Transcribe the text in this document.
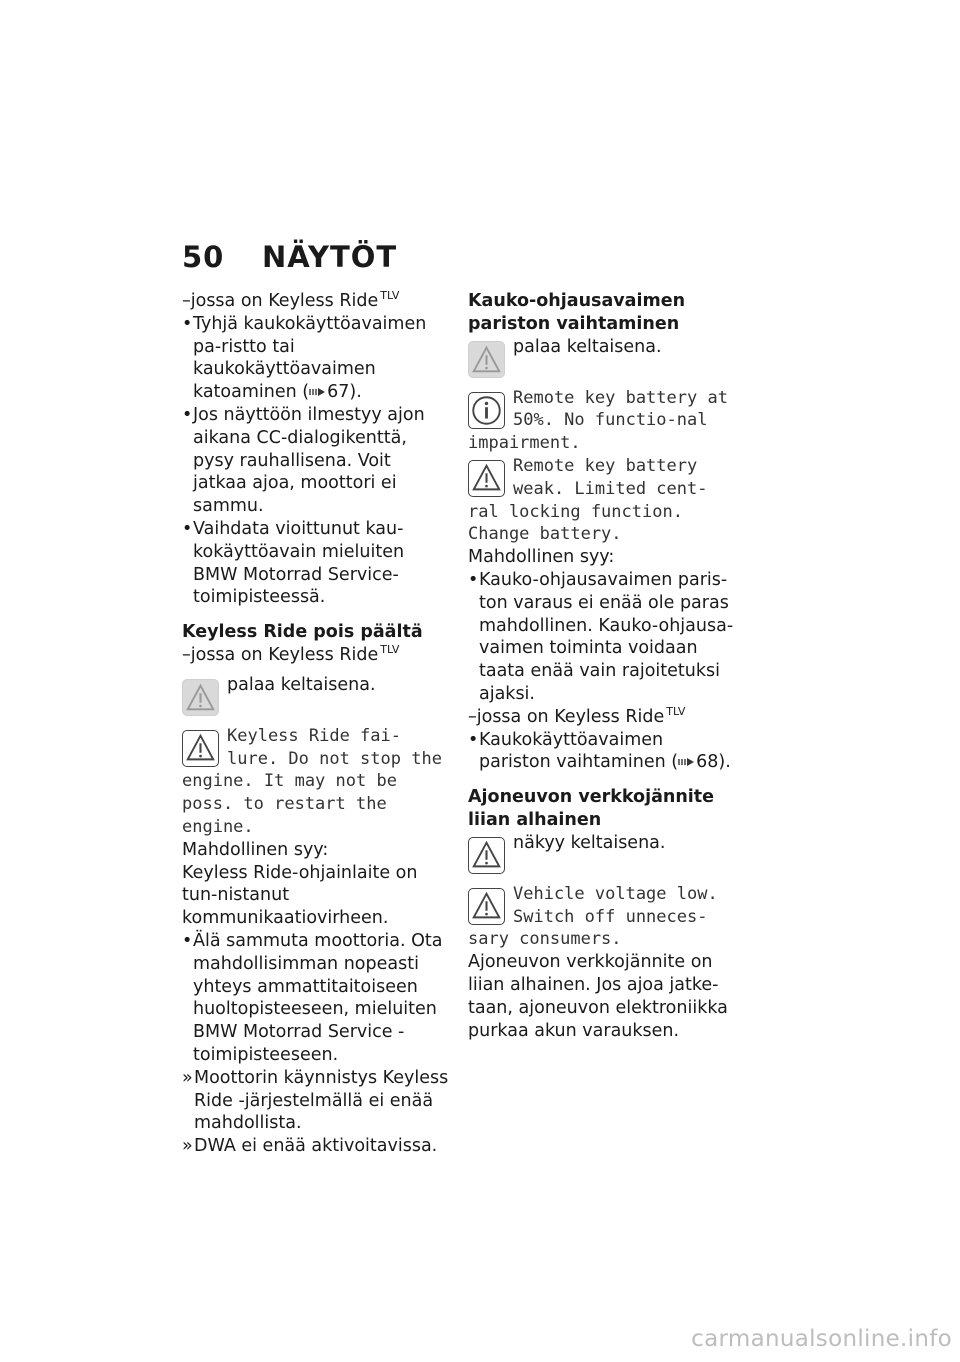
50 NÄYTÖT

–jossa on Keyless Ride $^{TLV}$

• Tyhjä kaukokäyttöavaimen pa-ristto tai kaukokäyttöavaimen katoaminen ( 67).

• Jos näyttöön ilmestyy ajon aikana CC-dialogikenttä, pysy rauhallisena. Voit jatkaa ajoa, moottori ei sammu.

• Vaihdata vioittunut kau-kokäyttöavain mieluiten BMW Motorrad Service-toimipisteessä.

Keyless Ride pois päältä

–jossa on Keyless Ride $^{TLV}$

palaa keltaisena.

Keyless Ride fai-lure. Do not stop the engine. It may not be poss. to restart the engine.

Mahdollinen syy:

Keyless Ride-ohjainlaite on tun-nistanut kommunikaatiovirheen.

• Älä sammuta moottoria. Ota mahdollisimman nopeasti yhteys ammattitaitoiseen huoltopisteeseen, mieluiten BMW Motorrad Service -toimipisteeseen.

» Moottorin käynnistys Keyless Ride -järjestelmällä ei enää mahdollista.

» DWA ei enää aktivoitavissa.

Kauko-ohjausavaimen pariston vaihtaminen

palaa keltaisena.

Remote key battery at 50%. No functio-nal impairment.

Remote key battery weak. Limited cent-ral locking function. Change battery.

Mahdollinen syy:

• Kauko-ohjausavaimen paris-ton varaus ei enää ole paras mahdollinen. Kauko-ohjausa-vaimen toiminta voidaan taata enää vain rajoitetuksi ajaksi.

–jossa on Keyless Ride $^{TLV}$

• Kaukokäyttöavaimen pariston vaihtaminen ( 68).

Ajoneuvon verkkojännite liian alhainen

näkyy keltaisena.

Vehicle voltage low. Switch off unneces-sary consumers.

Ajoneuvon verkkojännite on liian alhainen. Jos ajoa jatke-taan, ajoneuvon elektroniikka purkaa akun varauksen.

carmanualsonline.info
